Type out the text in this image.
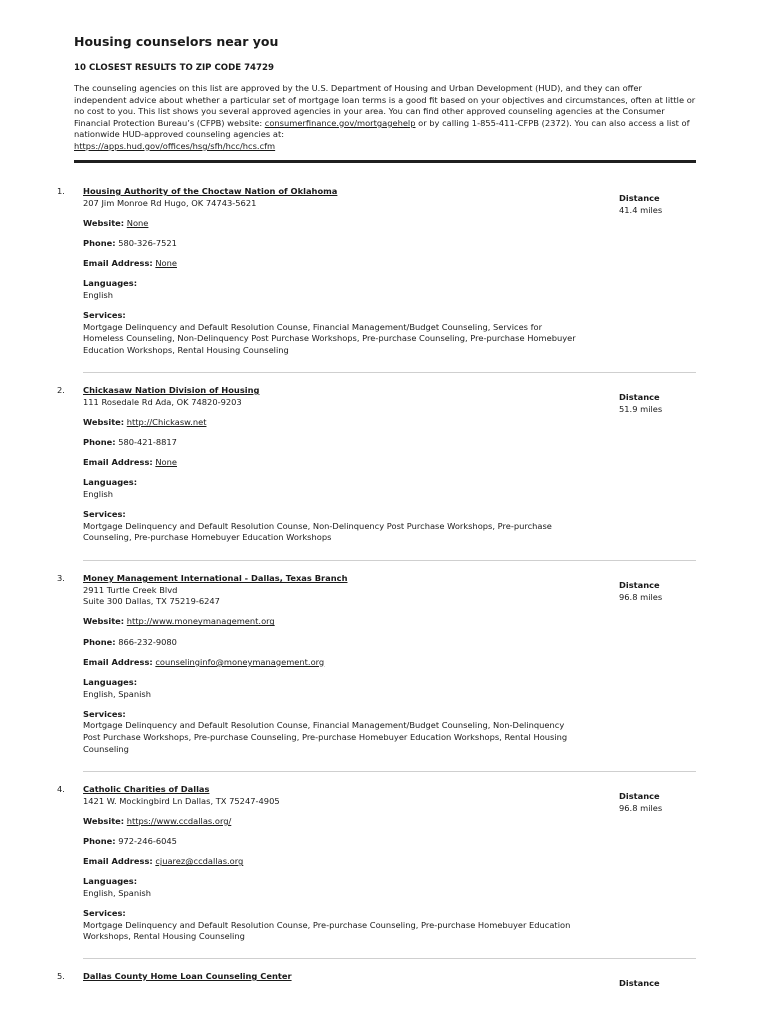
Housing counselors near you

10 CLOSEST RESULTS TO ZIP CODE 74729

The counseling agencies on this list are approved by the U.S. Department of Housing and Urban Development (HUD), and they can offer independent advice about whether a particular set of mortgage loan terms is a good fit based on your objectives and circumstances, often at little or no cost to you. This list shows you several approved agencies in your area. You can find other approved counseling agencies at the Consumer Financial Protection Bureau’s (CFPB) website: consumerfinance.gov/mortgagehelp or by calling 1-855-411-CFPB (2372). You can also access a list of nationwide HUD-approved counseling agencies at:
https://apps.hud.gov/offices/hsg/sfh/hcc/hcs.cfm

1. Housing Authority of the Choctaw Nation of Oklahoma
207 Jim Monroe Rd Hugo, OK 74743-5621
Website: None
Phone: 580-326-7521
Email Address: None
Languages:
English
Services:
Mortgage Delinquency and Default Resolution Counse, Financial Management/Budget Counseling, Services for Homeless Counseling, Non-Delinquency Post Purchase Workshops, Pre-purchase Counseling, Pre-purchase Homebuyer Education Workshops, Rental Housing Counseling
Distance
41.4 miles
2. Chickasaw Nation Division of Housing
111 Rosedale Rd Ada, OK 74820-9203
Website: http://Chickasw.net
Phone: 580-421-8817
Email Address: None
Languages:
English
Services:
Mortgage Delinquency and Default Resolution Counse, Non-Delinquency Post Purchase Workshops, Pre-purchase Counseling, Pre-purchase Homebuyer Education Workshops
Distance
51.9 miles
3. Money Management International - Dallas, Texas Branch
2911 Turtle Creek Blvd
Suite 300 Dallas, TX 75219-6247
Website: http://www.moneymanagement.org
Phone: 866-232-9080
Email Address: counselinginfo@moneymanagement.org
Languages:
English, Spanish
Services:
Mortgage Delinquency and Default Resolution Counse, Financial Management/Budget Counseling, Non-Delinquency Post Purchase Workshops, Pre-purchase Counseling, Pre-purchase Homebuyer Education Workshops, Rental Housing Counseling
Distance
96.8 miles
4. Catholic Charities of Dallas
1421 W. Mockingbird Ln Dallas, TX 75247-4905
Website: https://www.ccdallas.org/
Phone: 972-246-6045
Email Address: cjuarez@ccdallas.org
Languages:
English, Spanish
Services:
Mortgage Delinquency and Default Resolution Counse, Pre-purchase Counseling, Pre-purchase Homebuyer Education Workshops, Rental Housing Counseling
Distance
96.8 miles
5. Dallas County Home Loan Counseling Center
Distance
